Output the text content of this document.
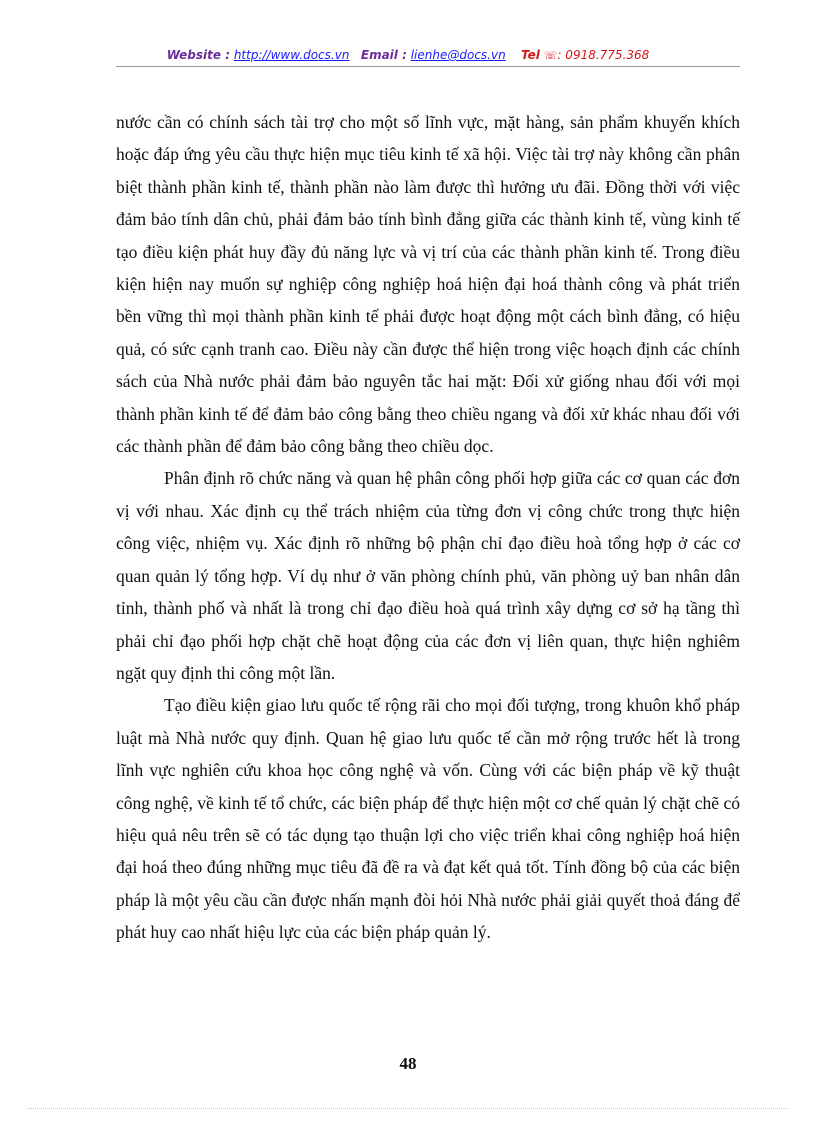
Website : http://www.docs.vn Email : lienhe@docs.vn Tel ☏: 0918.775.368

nước cần có chính sách tài trợ cho một số lĩnh vực, mặt hàng, sản phẩm khuyến khích hoặc đáp ứng yêu cầu thực hiện mục tiêu kinh tế xã hội. Việc tài trợ này không cần phân biệt thành phần kinh tế, thành phần nào làm được thì hưởng ưu đãi. Đồng thời với việc đảm bảo tính dân chủ, phải đảm bảo tính bình đẳng giữa các thành kinh tế, vùng kinh tế tạo điều kiện phát huy đầy đủ năng lực và vị trí của các thành phần kinh tế. Trong điều kiện hiện nay muốn sự nghiệp công nghiệp hoá hiện đại hoá thành công và phát triển bền vững thì mọi thành phần kinh tế phải được hoạt động một cách bình đẳng, có hiệu quả, có sức cạnh tranh cao. Điều này cần được thể hiện trong việc hoạch định các chính sách của Nhà nước phải đảm bảo nguyên tắc hai mặt: Đối xử giống nhau đối với mọi thành phần kinh tế để đảm bảo công bằng theo chiều ngang và đối xử khác nhau đối với các thành phần để đảm bảo công bằng theo chiều dọc.

Phân định rõ chức năng và quan hệ phân công phối hợp giữa các cơ quan các đơn vị với nhau. Xác định cụ thể trách nhiệm của từng đơn vị công chức trong thực hiện công việc, nhiệm vụ. Xác định rõ những bộ phận chỉ đạo điều hoà tổng hợp ở các cơ quan quản lý tổng hợp. Ví dụ như ở văn phòng chính phủ, văn phòng uỷ ban nhân dân tỉnh, thành phố và nhất là trong chỉ đạo điều hoà quá trình xây dựng cơ sở hạ tầng thì phải chỉ đạo phối hợp chặt chẽ hoạt động của các đơn vị liên quan, thực hiện nghiêm ngặt quy định thi công một lần.

Tạo điều kiện giao lưu quốc tế rộng rãi cho mọi đối tượng, trong khuôn khổ pháp luật mà Nhà nước quy định. Quan hệ giao lưu quốc tế cần mở rộng trước hết là trong lĩnh vực nghiên cứu khoa học công nghệ và vốn. Cùng với các biện pháp về kỹ thuật công nghệ, về kinh tế tổ chức, các biện pháp để thực hiện một cơ chế quản lý chặt chẽ có hiệu quả nêu trên sẽ có tác dụng tạo thuận lợi cho việc triển khai công nghiệp hoá hiện đại hoá theo đúng những mục tiêu đã đề ra và đạt kết quả tốt. Tính đồng bộ của các biện pháp là một yêu cầu cần được nhấn mạnh đòi hỏi Nhà nước phải giải quyết thoả đáng để phát huy cao nhất hiệu lực của các biện pháp quản lý.

48
